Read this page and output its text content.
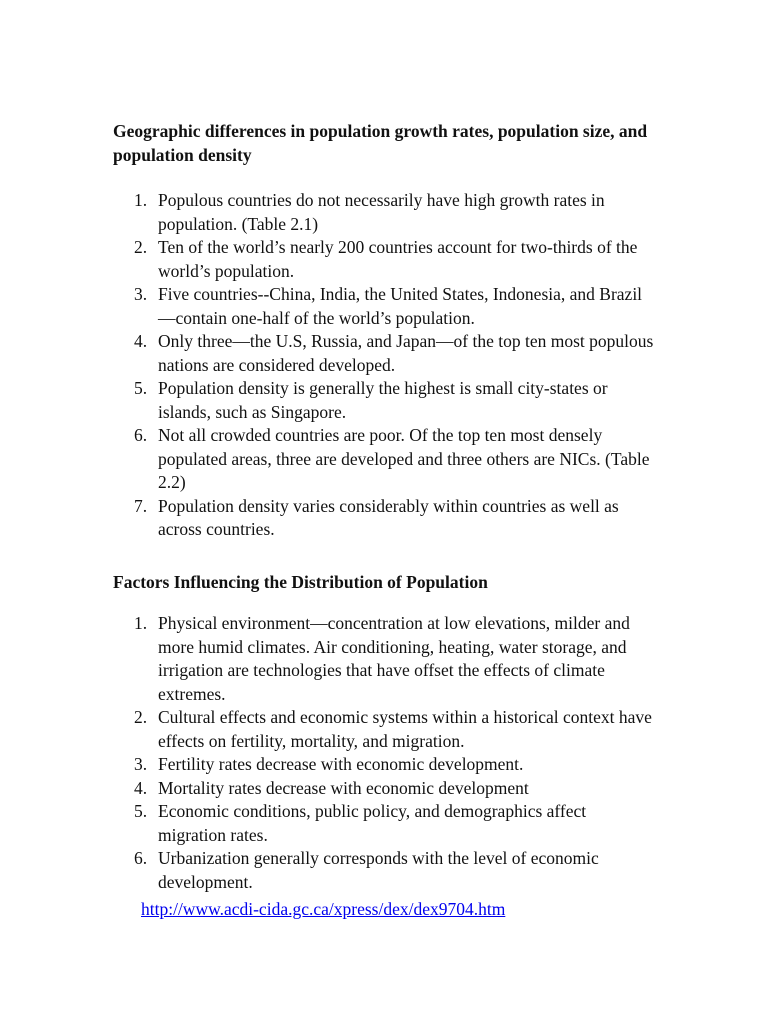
Geographic differences in population growth rates, population size, and population density
1. Populous countries do not necessarily have high growth rates in population. (Table 2.1)
2. Ten of the world’s nearly 200 countries account for two-thirds of the world’s population.
3. Five countries--China, India, the United States, Indonesia, and Brazil—contain one-half of the world’s population.
4. Only three—the U.S, Russia, and Japan—of the top ten most populous nations are considered developed.
5. Population density is generally the highest is small city-states or islands, such as Singapore.
6. Not all crowded countries are poor. Of the top ten most densely populated areas, three are developed and three others are NICs. (Table 2.2)
7. Population density varies considerably within countries as well as across countries.
Factors Influencing the Distribution of Population
1. Physical environment—concentration at low elevations, milder and more humid climates. Air conditioning, heating, water storage, and irrigation are technologies that have offset the effects of climate extremes.
2. Cultural effects and economic systems within a historical context have effects on fertility, mortality, and migration.
3. Fertility rates decrease with economic development.
4. Mortality rates decrease with economic development
5. Economic conditions, public policy, and demographics affect migration rates.
6. Urbanization generally corresponds with the level of economic development.
http://www.acdi-cida.gc.ca/xpress/dex/dex9704.htm
